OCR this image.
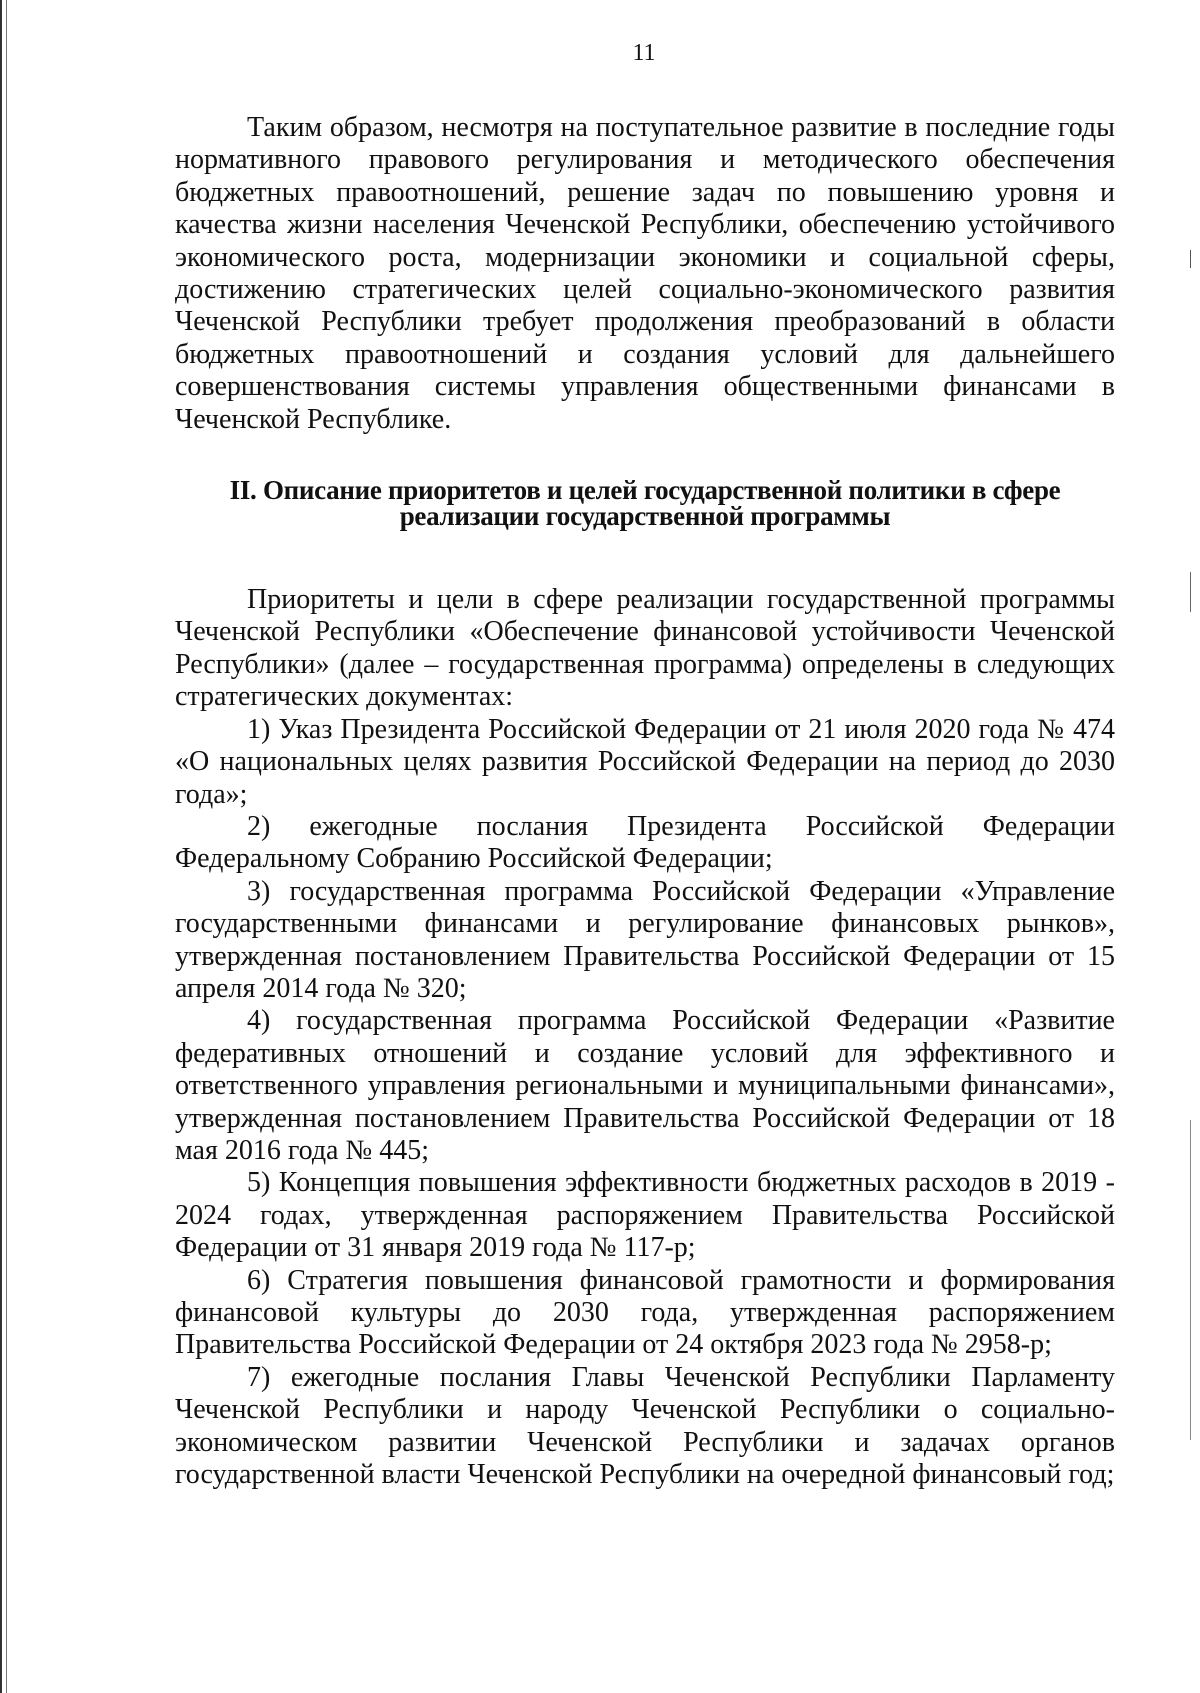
11

Таким образом, несмотря на поступательное развитие в последние годы нормативного правового регулирования и методического обеспечения бюджетных правоотношений, решение задач по повышению уровня и качества жизни населения Чеченской Республики, обеспечению устойчивого экономического роста, модернизации экономики и социальной сферы, достижению стратегических целей социально-экономического развития Чеченской Республики требует продолжения преобразований в области бюджетных правоотношений и создания условий для дальнейшего совершенствования системы управления общественными финансами в Чеченской Республике.

II. Описание приоритетов и целей государственной политики в сфере
реализации государственной программы

Приоритеты и цели в сфере реализации государственной программы Чеченской Республики «Обеспечение финансовой устойчивости Чеченской Республики» (далее – государственная программа) определены в следующих стратегических документах:

1) Указ Президента Российской Федерации от 21 июля 2020 года № 474 «О национальных целях развития Российской Федерации на период до 2030 года»;

2) ежегодные послания Президента Российской Федерации Федеральному Собранию Российской Федерации;

3) государственная программа Российской Федерации «Управление государственными финансами и регулирование финансовых рынков», утвержденная постановлением Правительства Российской Федерации от 15 апреля 2014 года № 320;

4) государственная программа Российской Федерации «Развитие федеративных отношений и создание условий для эффективного и ответственного управления региональными и муниципальными финансами», утвержденная постановлением Правительства Российской Федерации от 18 мая 2016 года № 445;

5) Концепция повышения эффективности бюджетных расходов в 2019 - 2024 годах, утвержденная распоряжением Правительства Российской Федерации от 31 января 2019 года № 117-р;

6) Стратегия повышения финансовой грамотности и формирования финансовой культуры до 2030 года, утвержденная распоряжением Правительства Российской Федерации от 24 октября 2023 года № 2958-р;

7) ежегодные послания Главы Чеченской Республики Парламенту Чеченской Республики и народу Чеченской Республики о социально-экономическом развитии Чеченской Республики и задачах органов государственной власти Чеченской Республики на очередной финансовый год;
